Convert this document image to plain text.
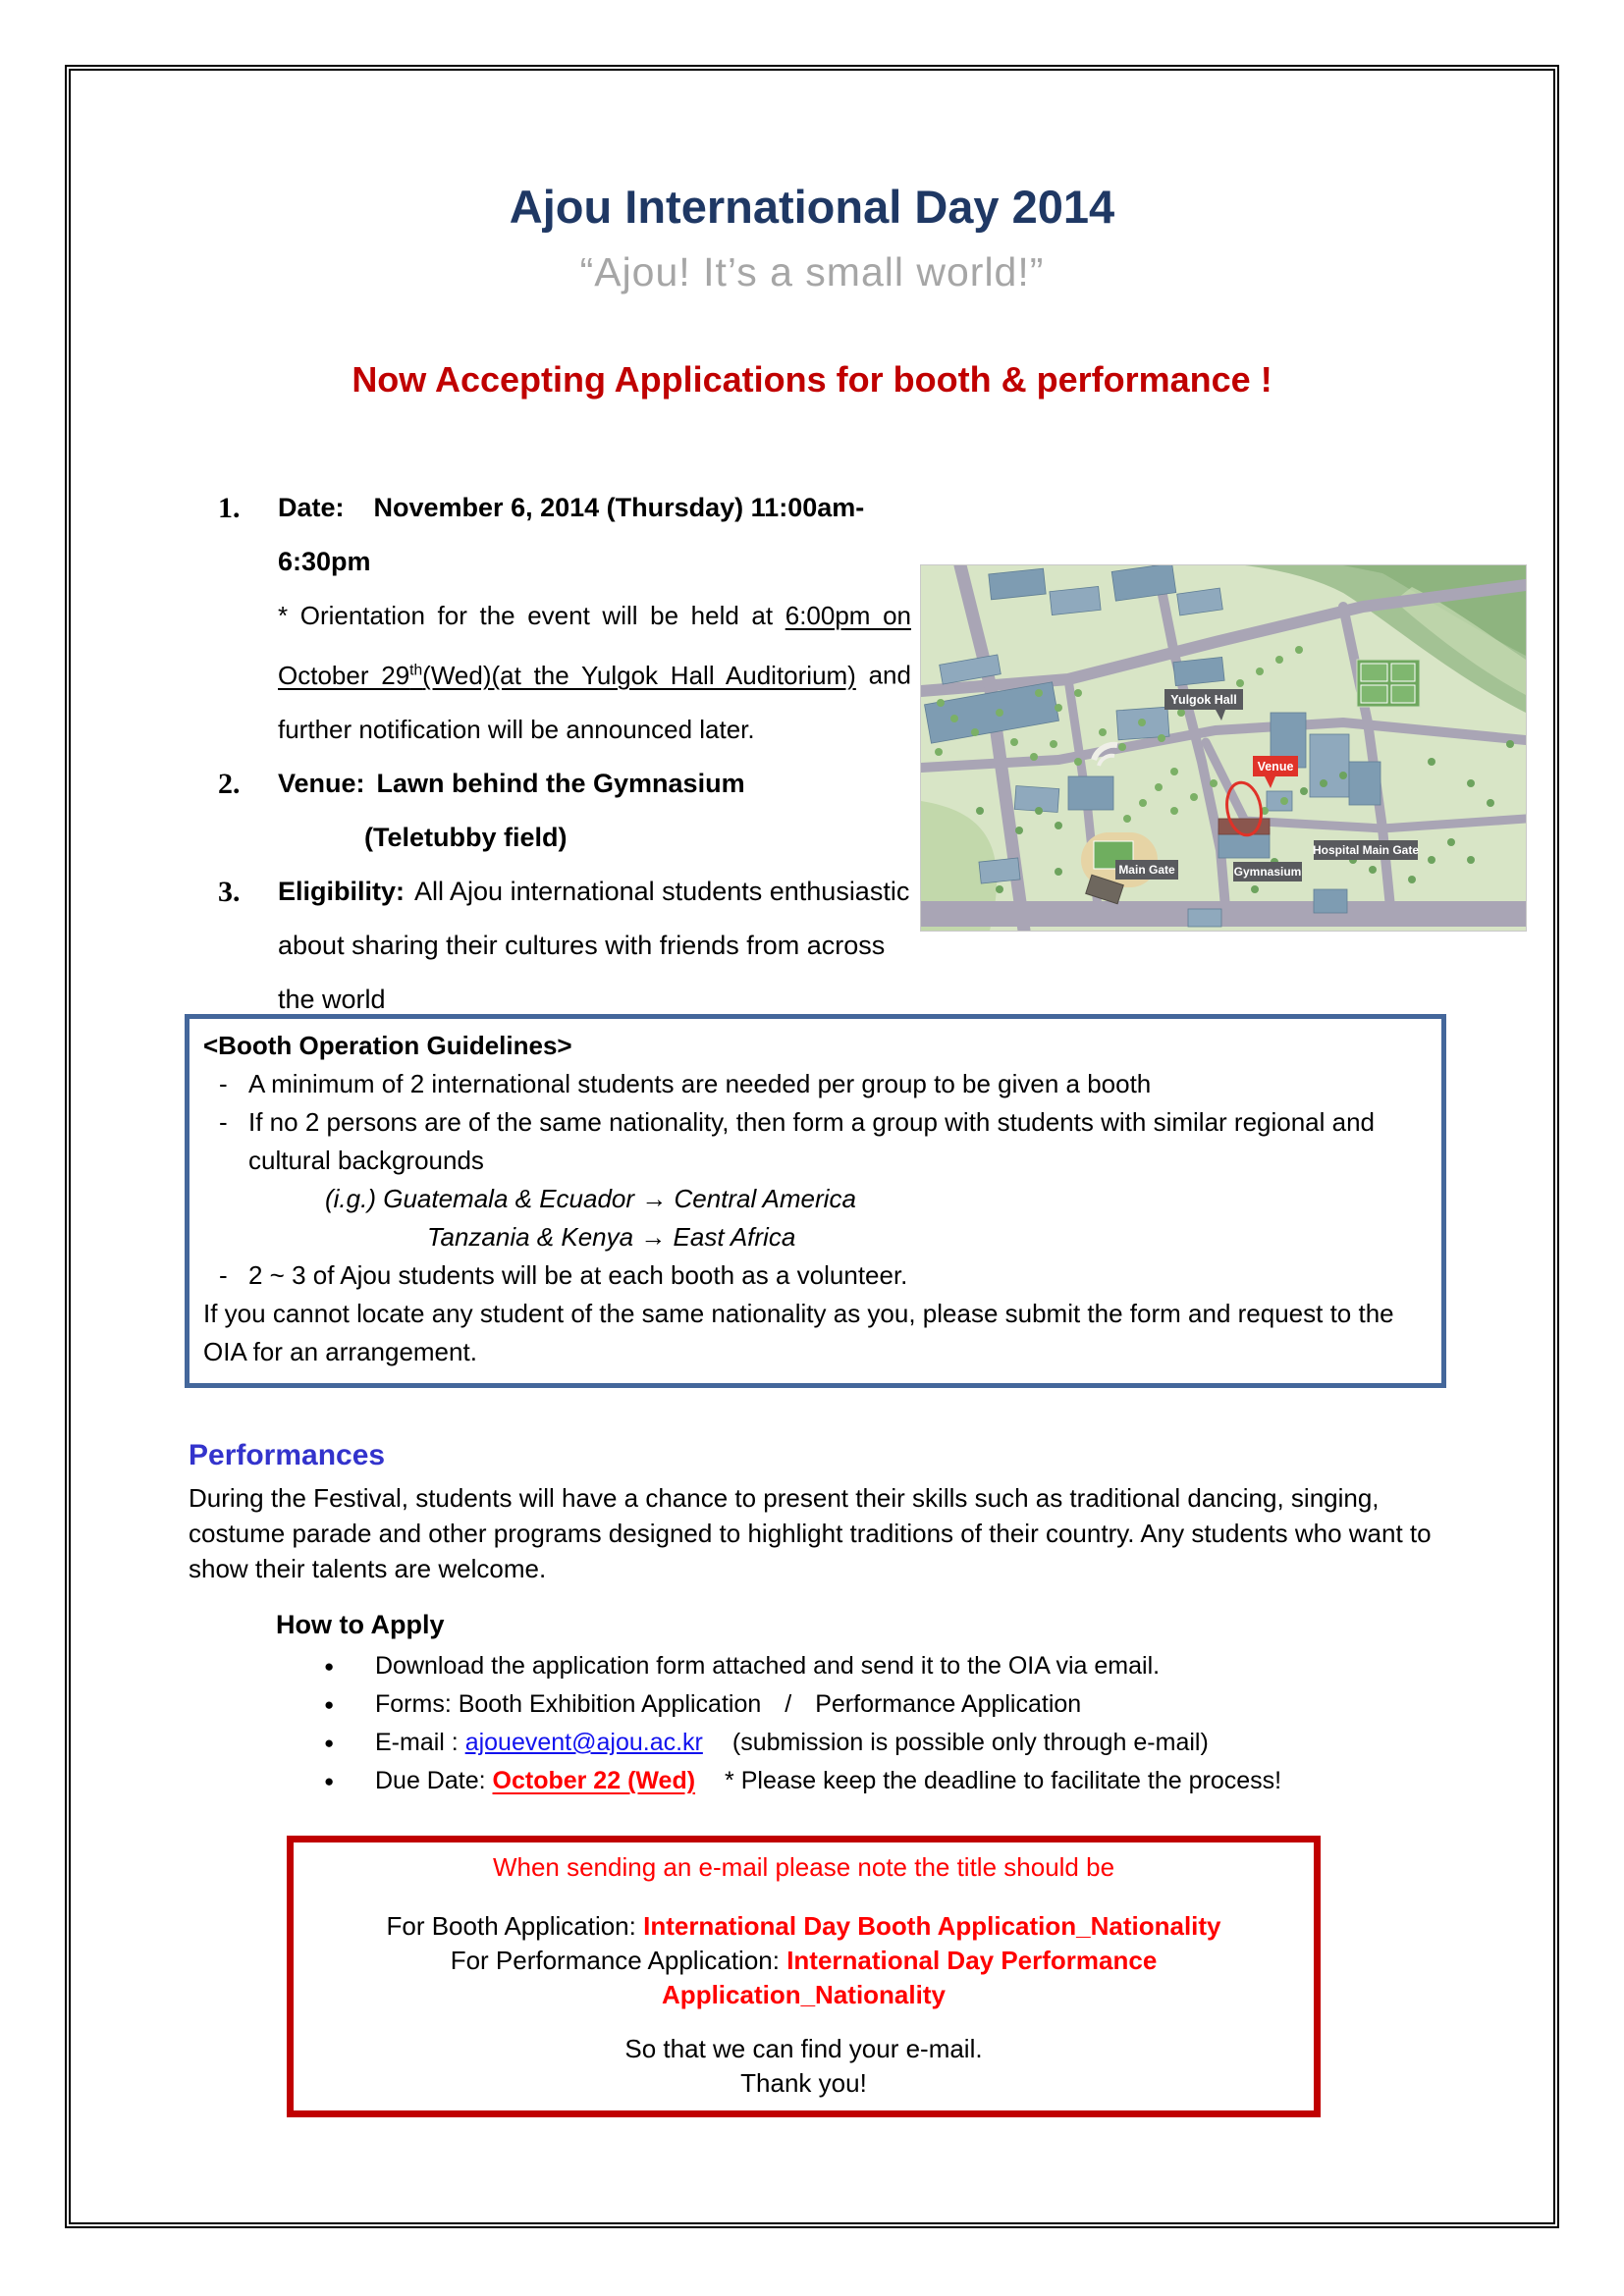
Ajou International Day 2014
“Ajou! It’s a small world!”
Now Accepting Applications for booth & performance !
1.	Date: November 6, 2014 (Thursday) 11:00am-6:30pm
* Orientation for the event will be held at 6:00pm on October 29th(Wed)(at the Yulgok Hall Auditorium) and further notification will be announced later.
2.	Venue: Lawn behind the Gymnasium
(Teletubby field)
3.	Eligibility: All Ajou international students enthusiastic about sharing their cultures with friends from across the world
Yulgok Hall
Venue
Main Gate	Gymnasium
Hospital Main Gate
<Booth Operation Guidelines>
- A minimum of 2 international students are needed per group to be given a booth
- If no 2 persons are of the same nationality, then form a group with students with similar regional and cultural backgrounds
(i.g.) Guatemala & Ecuador → Central America
Tanzania & Kenya → East Africa
- 2 ~ 3 of Ajou students will be at each booth as a volunteer.
If you cannot locate any student of the same nationality as you, please submit the form and request to the OIA for an arrangement.
Performances
During the Festival, students will have a chance to present their skills such as traditional dancing, singing, costume parade and other programs designed to highlight traditions of their country. Any students who want to show their talents are welcome.
How to Apply
●	Download the application form attached and send it to the OIA via email.
●	Forms: Booth Exhibition Application / Performance Application
●	E-mail : ajouevent@ajou.ac.kr (submission is possible only through e-mail)
●	Due Date: October 22 (Wed) * Please keep the deadline to facilitate the process!
When sending an e-mail please note the title should be
For Booth Application: International Day Booth Application_Nationality
For Performance Application: International Day Performance Application_Nationality
So that we can find your e-mail.
Thank you!
